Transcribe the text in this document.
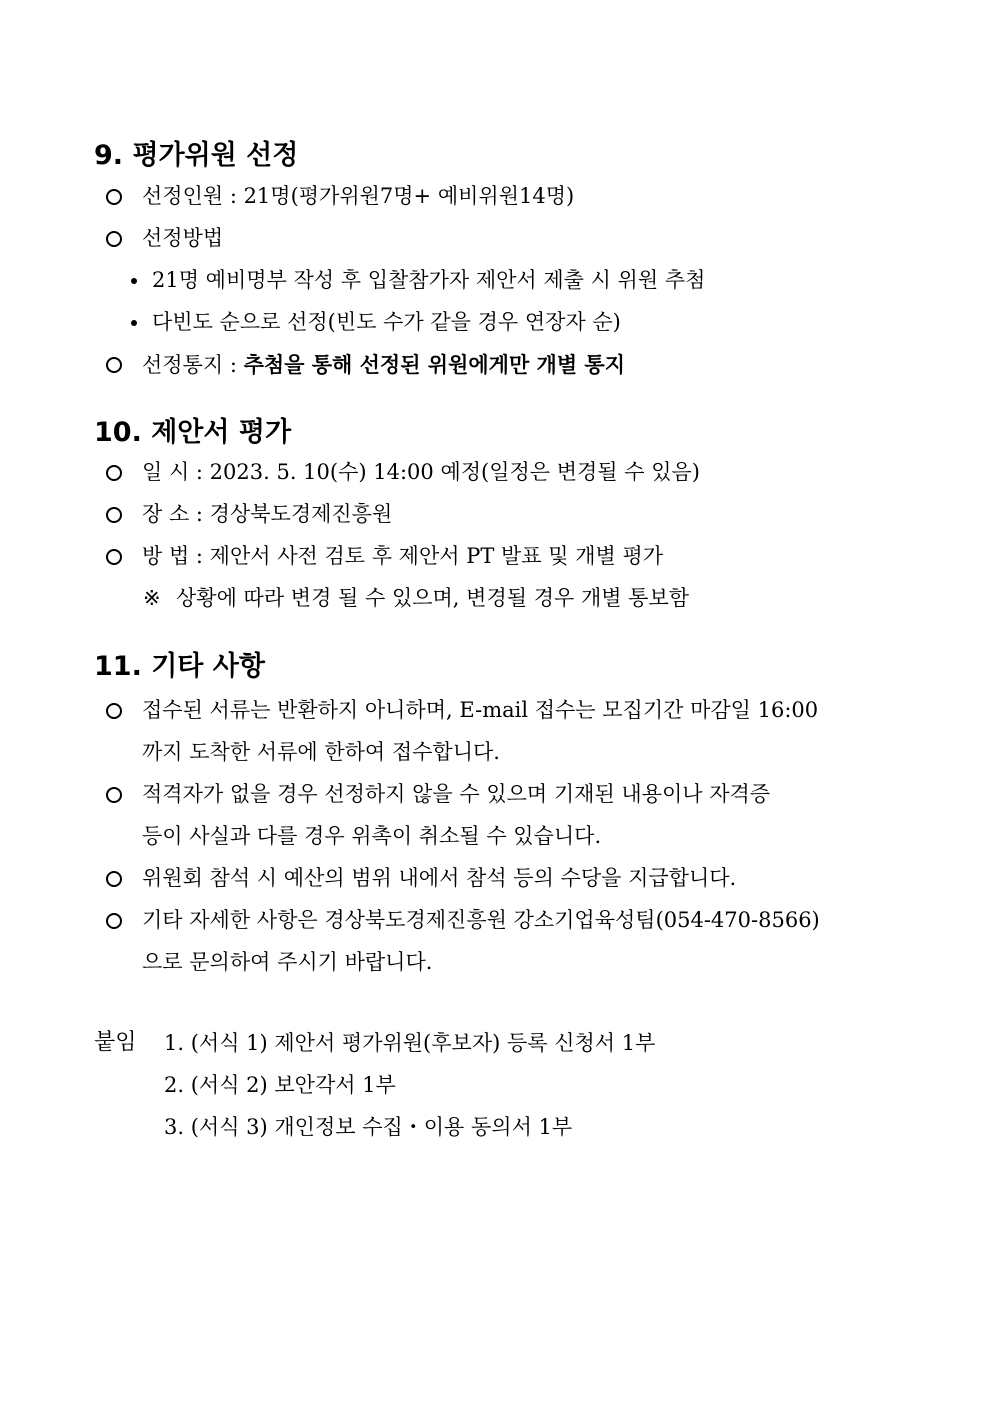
9. 평가위원 선정
선정인원 : 21명(평가위원7명+ 예비위원14명)
선정방법
21명 예비명부 작성 후 입찰참가자 제안서 제출 시 위원 추첨
다빈도 순으로 선정(빈도 수가 같을 경우 연장자 순)
선정통지 : 추첨을 통해 선정된 위원에게만 개별 통지
10. 제안서 평가
일 시 : 2023. 5. 10(수) 14:00 예정(일정은 변경될 수 있음)
장 소 : 경상북도경제진흥원
방 법 : 제안서 사전 검토 후 제안서 PT 발표 및 개별 평가
※ 상황에 따라 변경 될 수 있으며, 변경될 경우 개별 통보함
11. 기타 사항
접수된 서류는 반환하지 아니하며, E-mail 접수는 모집기간 마감일 16:00
까지 도착한 서류에 한하여 접수합니다.
적격자가 없을 경우 선정하지 않을 수 있으며 기재된 내용이나 자격증
등이 사실과 다를 경우 위촉이 취소될 수 있습니다.
위원회 참석 시 예산의 범위 내에서 참석 등의 수당을 지급합니다.
기타 자세한 사항은 경상북도경제진흥원 강소기업육성팀(054-470-8566)
으로 문의하여 주시기 바랍니다.
붙임 1. (서식 1) 제안서 평가위원(후보자) 등록 신청서 1부
2. (서식 2) 보안각서 1부
3. (서식 3) 개인정보 수집・이용 동의서 1부
